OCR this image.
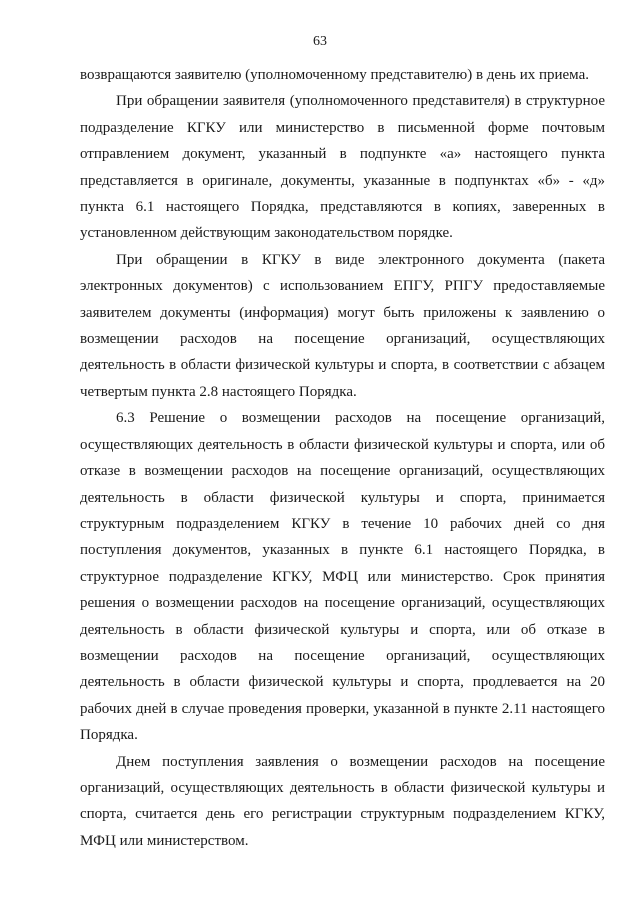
63

возвращаются заявителю (уполномоченному представителю) в день их приема.

При обращении заявителя (уполномоченного представителя) в структурное подразделение КГКУ или министерство в письменной форме почтовым отправлением документ, указанный в подпункте «а» настоящего пункта представляется в оригинале, документы, указанные в подпунктах «б» - «д» пункта 6.1 настоящего Порядка, представляются в копиях, заверенных в установленном действующим законодательством порядке.

При обращении в КГКУ в виде электронного документа (пакета электронных документов) с использованием ЕПГУ, РПГУ предоставляемые заявителем документы (информация) могут быть приложены к заявлению о возмещении расходов на посещение организаций, осуществляющих деятельность в области физической культуры и спорта, в соответствии с абзацем четвертым пункта 2.8 настоящего Порядка.

6.3 Решение о возмещении расходов на посещение организаций, осуществляющих деятельность в области физической культуры и спорта, или об отказе в возмещении расходов на посещение организаций, осуществляющих деятельность в области физической культуры и спорта, принимается структурным подразделением КГКУ в течение 10 рабочих дней со дня поступления документов, указанных в пункте 6.1 настоящего Порядка, в структурное подразделение КГКУ, МФЦ или министерство. Срок принятия решения о возмещении расходов на посещение организаций, осуществляющих деятельность в области физической культуры и спорта, или об отказе в возмещении расходов на посещение организаций, осуществляющих деятельность в области физической культуры и спорта, продлевается на 20 рабочих дней в случае проведения проверки, указанной в пункте 2.11 настоящего Порядка.

Днем поступления заявления о возмещении расходов на посещение организаций, осуществляющих деятельность в области физической культуры и спорта, считается день его регистрации структурным подразделением КГКУ, МФЦ или министерством.
